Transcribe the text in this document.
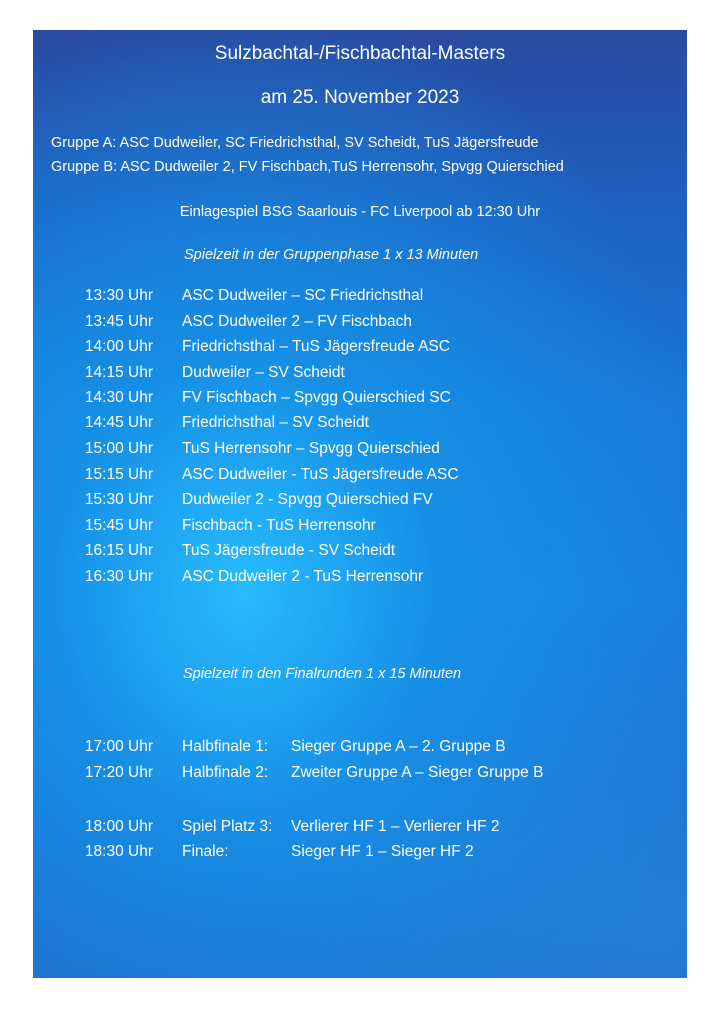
Sulzbachtal-/Fischbachtal-Masters
am 25. November 2023
Gruppe A: ASC Dudweiler, SC Friedrichsthal, SV Scheidt, TuS Jägersfreude
Gruppe B: ASC Dudweiler 2, FV Fischbach,TuS Herrensohr, Spvgg Quierschied
Einlagespiel BSG Saarlouis - FC Liverpool ab 12:30 Uhr
Spielzeit in der Gruppenphase 1 x 13 Minuten
13:30 Uhr ASC Dudweiler – SC Friedrichsthal
13:45 Uhr ASC Dudweiler 2 – FV Fischbach
14:00 Uhr Friedrichsthal – TuS Jägersfreude ASC
14:15 Uhr Dudweiler – SV Scheidt
14:30 Uhr FV Fischbach – Spvgg Quierschied SC
14:45 Uhr Friedrichsthal – SV Scheidt
15:00 Uhr TuS Herrensohr – Spvgg Quierschied
15:15 Uhr ASC Dudweiler - TuS Jägersfreude ASC
15:30 Uhr Dudweiler 2 - Spvgg Quierschied FV
15:45 Uhr Fischbach - TuS Herrensohr
16:15 Uhr TuS Jägersfreude - SV Scheidt
16:30 Uhr ASC Dudweiler 2 - TuS Herrensohr
Spielzeit in den Finalrunden 1 x 15 Minuten
17:00 Uhr Halbfinale 1: Sieger Gruppe A – 2. Gruppe B
17:20 Uhr Halbfinale 2: Zweiter Gruppe A – Sieger Gruppe B
18:00 Uhr Spiel Platz 3: Verlierer HF 1 – Verlierer HF 2
18:30 Uhr Finale:	Sieger HF 1 – Sieger HF 2
